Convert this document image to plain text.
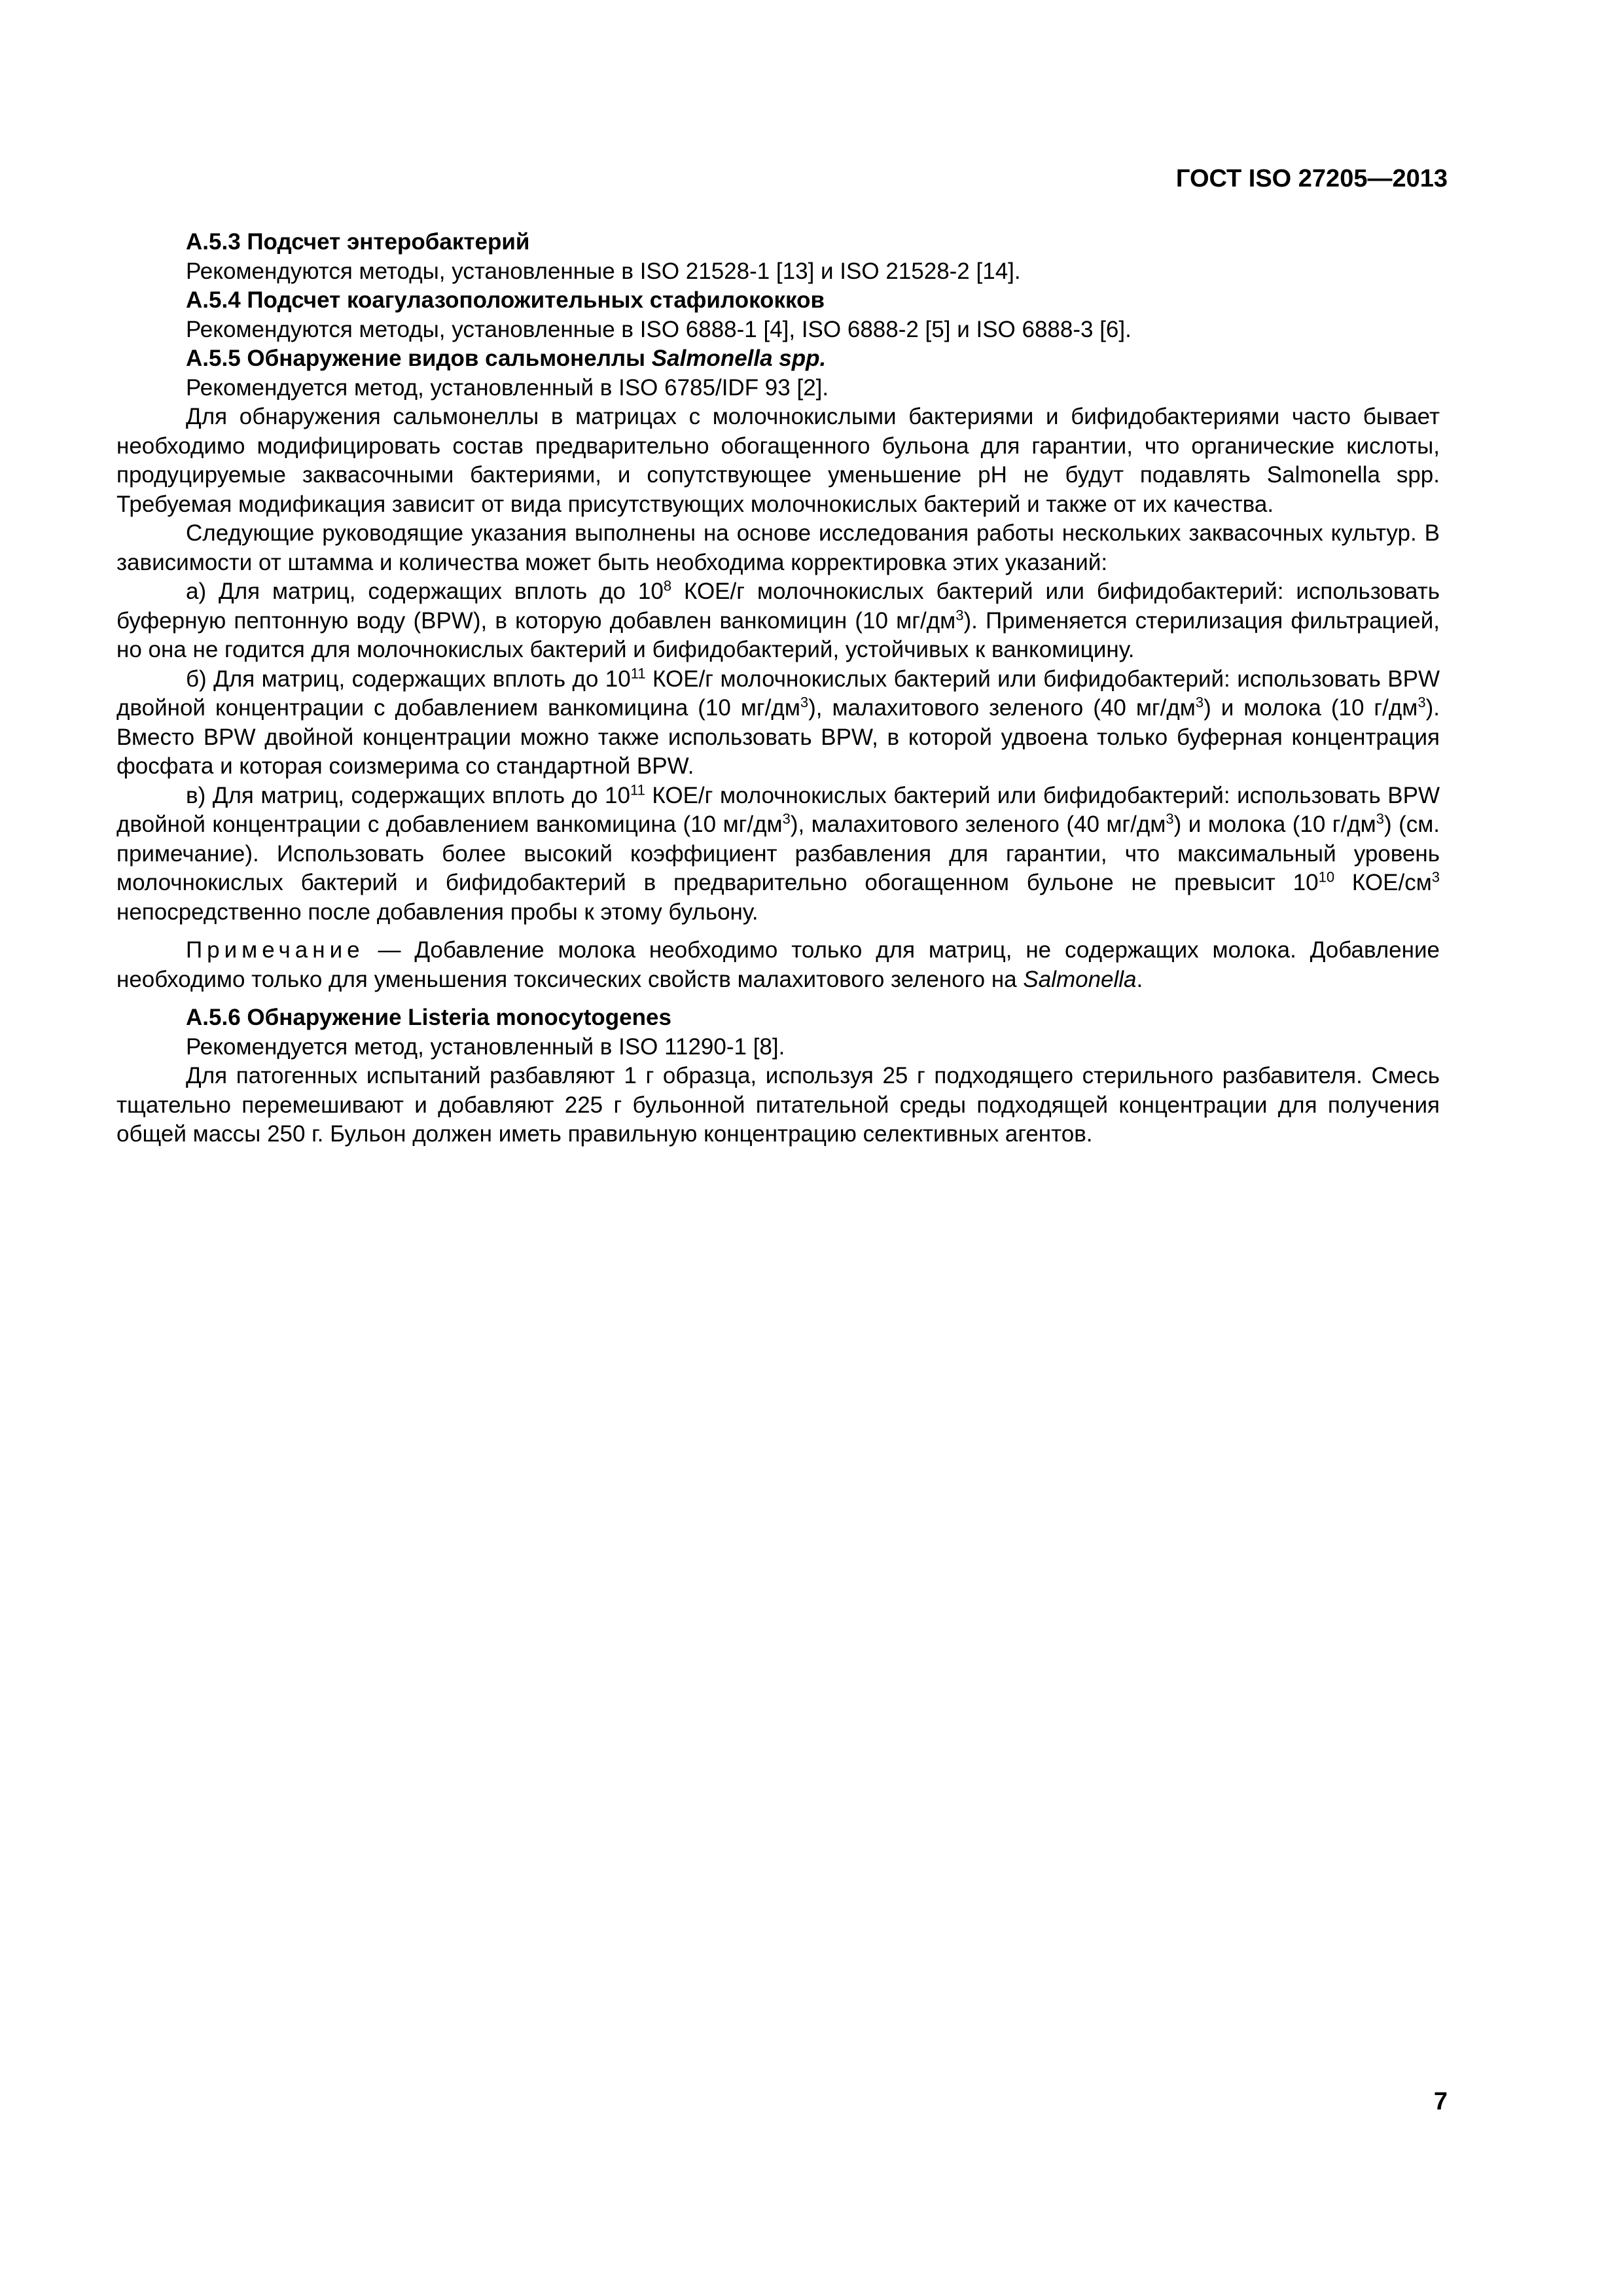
ГОСТ ISO 27205—2013

А.5.3 Подсчет энтеробактерий

Рекомендуются методы, установленные в ISO 21528-1 [13] и ISO 21528-2 [14].

А.5.4 Подсчет коагулазоположительных стафилококков

Рекомендуются методы, установленные в ISO 6888-1 [4], ISO 6888-2 [5] и ISO 6888-3 [6].

А.5.5 Обнаружение видов сальмонеллы Salmonella spp.

Рекомендуется метод, установленный в ISO 6785/IDF 93 [2].

Для обнаружения сальмонеллы в матрицах с молочнокислыми бактериями и бифидобактериями часто бывает необходимо модифицировать состав предварительно обогащенного бульона для гарантии, что органические кислоты, продуцируемые заквасочными бактериями, и сопутствующее уменьшение pH не будут подавлять Salmonella spp. Требуемая модификация зависит от вида присутствующих молочнокислых бактерий и также от их качества.

Следующие руководящие указания выполнены на основе исследования работы нескольких заквасочных культур. В зависимости от штамма и количества может быть необходима корректировка этих указаний:

а) Для матриц, содержащих вплоть до $10^8$ КОЕ/г молочнокислых бактерий или бифидобактерий: использовать буферную пептонную воду (BPW), в которую добавлен ванкомицин (10 $мг/дм^3$). Применяется стерилизация фильтрацией, но она не годится для молочнокислых бактерий и бифидобактерий, устойчивых к ванкомицину.

б) Для матриц, содержащих вплоть до $10^{11}$ КОЕ/г молочнокислых бактерий или бифидобактерий: использовать BPW двойной концентрации с добавлением ванкомицина (10 $мг/дм^3$), малахитового зеленого (40 $мг/дм^3$) и молока (10 $г/дм^3$). Вместо BPW двойной концентрации можно также использовать BPW, в которой удвоена только буферная концентрация фосфата и которая соизмерима со стандартной BPW.

в) Для матриц, содержащих вплоть до $10^{11}$ КОЕ/г молочнокислых бактерий или бифидобактерий: использовать BPW двойной концентрации с добавлением ванкомицина (10 $мг/дм^3$), малахитового зеленого (40 $мг/дм^3$) и молока (10 $г/дм^3$) (см. примечание). Использовать более высокий коэффициент разбавления для гарантии, что максимальный уровень молочнокислых бактерий и бифидобактерий в предварительно обогащенном бульоне не превысит $10^{10}$ КОЕ/$см^3$ непосредственно после добавления пробы к этому бульону.

Примечание — Добавление молока необходимо только для матриц, не содержащих молока. Добавление необходимо только для уменьшения токсических свойств малахитового зеленого на Salmonella.

А.5.6 Обнаружение Listeria monocytogenes

Рекомендуется метод, установленный в ISO 11290-1 [8].

Для патогенных испытаний разбавляют 1 г образца, используя 25 г подходящего стерильного разбавителя. Смесь тщательно перемешивают и добавляют 225 г бульонной питательной среды подходящей концентрации для получения общей массы 250 г. Бульон должен иметь правильную концентрацию селективных агентов.

7
